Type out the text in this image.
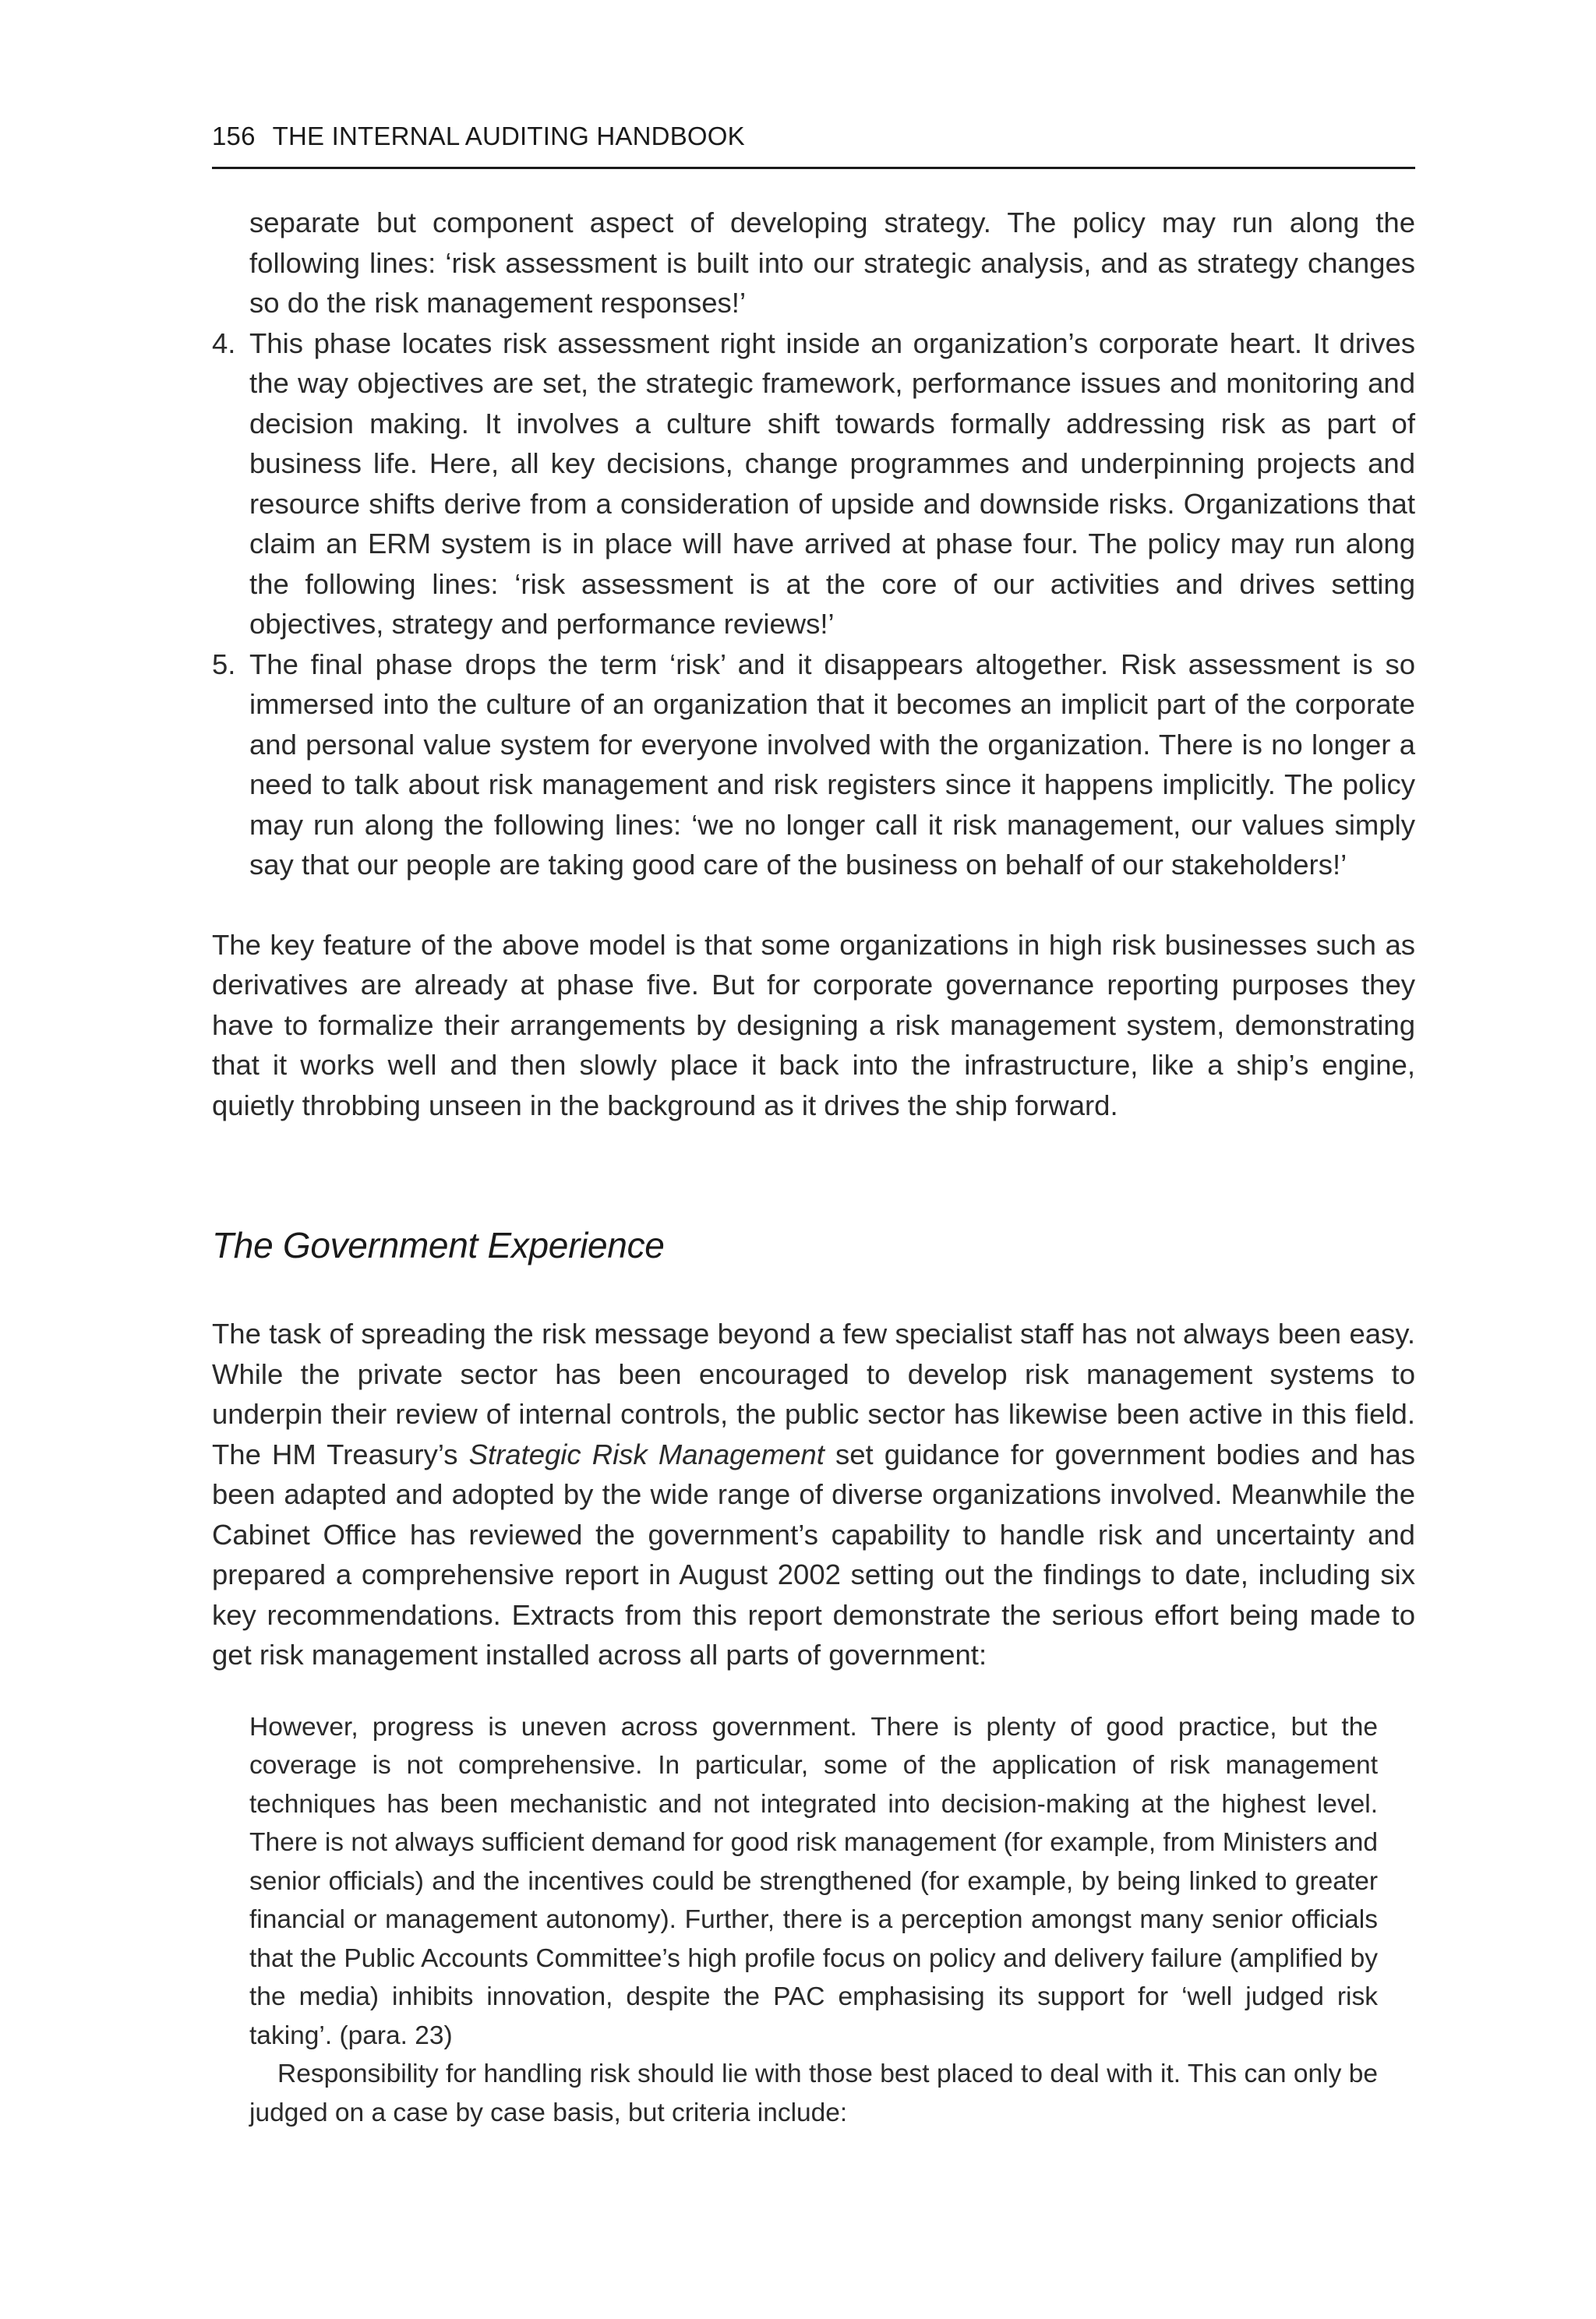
156 THE INTERNAL AUDITING HANDBOOK

separate but component aspect of developing strategy. The policy may run along the following lines: ‘risk assessment is built into our strategic analysis, and as strategy changes so do the risk management responses!’

4. This phase locates risk assessment right inside an organization’s corporate heart. It drives the way objectives are set, the strategic framework, performance issues and monitoring and decision making. It involves a culture shift towards formally addressing risk as part of business life. Here, all key decisions, change programmes and underpinning projects and resource shifts derive from a consideration of upside and downside risks. Organizations that claim an ERM system is in place will have arrived at phase four. The policy may run along the following lines: ‘risk assessment is at the core of our activities and drives setting objectives, strategy and performance reviews!’
5. The final phase drops the term ‘risk’ and it disappears altogether. Risk assessment is so immersed into the culture of an organization that it becomes an implicit part of the corporate and personal value system for everyone involved with the organization. There is no longer a need to talk about risk management and risk registers since it happens implicitly. The policy may run along the following lines: ‘we no longer call it risk management, our values simply say that our people are taking good care of the business on behalf of our stakeholders!’

The key feature of the above model is that some organizations in high risk businesses such as derivatives are already at phase five. But for corporate governance reporting purposes they have to formalize their arrangements by designing a risk management system, demonstrating that it works well and then slowly place it back into the infrastructure, like a ship’s engine, quietly throbbing unseen in the background as it drives the ship forward.

The Government Experience

The task of spreading the risk message beyond a few specialist staff has not always been easy. While the private sector has been encouraged to develop risk management systems to underpin their review of internal controls, the public sector has likewise been active in this field. The HM Treasury’s Strategic Risk Management set guidance for government bodies and has been adapted and adopted by the wide range of diverse organizations involved. Meanwhile the Cabinet Office has reviewed the government’s capability to handle risk and uncertainty and prepared a comprehensive report in August 2002 setting out the findings to date, including six key recommendations. Extracts from this report demonstrate the serious effort being made to get risk management installed across all parts of government:

However, progress is uneven across government. There is plenty of good practice, but the coverage is not comprehensive. In particular, some of the application of risk management techniques has been mechanistic and not integrated into decision-making at the highest level. There is not always sufficient demand for good risk management (for example, from Ministers and senior officials) and the incentives could be strengthened (for example, by being linked to greater financial or management autonomy). Further, there is a perception amongst many senior officials that the Public Accounts Committee’s high profile focus on policy and delivery failure (amplified by the media) inhibits innovation, despite the PAC emphasising its support for ‘well judged risk taking’. (para. 23)

Responsibility for handling risk should lie with those best placed to deal with it. This can only be judged on a case by case basis, but criteria include:
